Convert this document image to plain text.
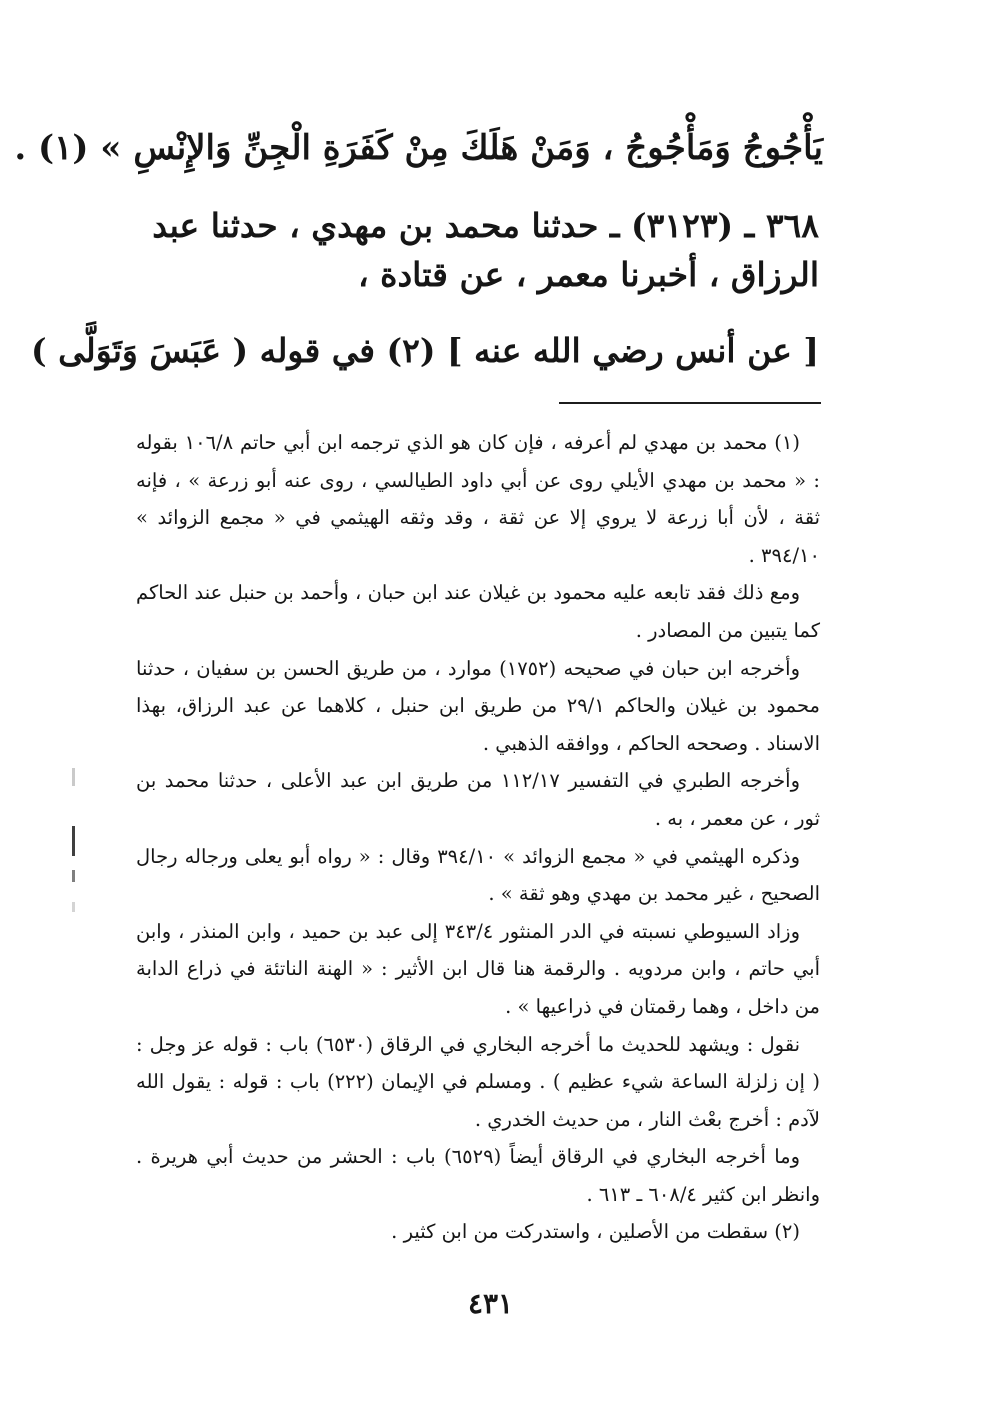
يَأْجُوجُ وَمَأْجُوجُ ، وَمَنْ هَلَكَ مِنْ كَفَرَةِ الْجِنِّ وَالإِنْسِ » (١) .
٣٦٨ ـ (٣١٢٣) ـ حدثنا محمد بن مهدي ، حدثنا عبد
الرزاق ، أخبرنا معمر ، عن قتادة ،
[ عن أنس رضي الله عنه ] (٢) في قوله ( عَبَسَ وَتَوَلَّى )

(١) محمد بن مهدي لم أعرفه ، فإن كان هو الذي ترجمه ابن أبي حاتم ١٠٦/٨ بقوله : « محمد بن مهدي الأيلي روى عن أبي داود الطيالسي ، روى عنه أبو زرعة » ، فإنه ثقة ، لأن أبا زرعة لا يروي إلا عن ثقة ، وقد وثقه الهيثمي في « مجمع الزوائد » ٣٩٤/١٠ .

ومع ذلك فقد تابعه عليه محمود بن غيلان عند ابن حبان ، وأحمد بن حنبل عند الحاكم كما يتبين من المصادر .

وأخرجه ابن حبان في صحيحه (١٧٥٢) موارد ، من طريق الحسن بن سفيان ، حدثنا محمود بن غيلان والحاكم ٢٩/١ من طريق ابن حنبل ، كلاهما عن عبد الرزاق، بهذا الاسناد . وصححه الحاكم ، ووافقه الذهبي .

وأخرجه الطبري في التفسير ١١٢/١٧ من طريق ابن عبد الأعلى ، حدثنا محمد بن ثور ، عن معمر ، به .

وذكره الهيثمي في « مجمع الزوائد » ٣٩٤/١٠ وقال : « رواه أبو يعلى ورجاله رجال الصحيح ، غير محمد بن مهدي وهو ثقة » .

وزاد السيوطي نسبته في الدر المنثور ٣٤٣/٤ إلى عبد بن حميد ، وابن المنذر ، وابن أبي حاتم ، وابن مردويه . والرقمة هنا قال ابن الأثير : « الهنة الناتئة في ذراع الدابة من داخل ، وهما رقمتان في ذراعيها » .

نقول : ويشهد للحديث ما أخرجه البخاري في الرقاق (٦٥٣٠) باب : قوله عز وجل : ( إن زلزلة الساعة شيء عظيم ) . ومسلم في الإيمان (٢٢٢) باب : قوله : يقول الله لآدم : أخرج بعْث النار ، من حديث الخدري .

وما أخرجه البخاري في الرقاق أيضاً (٦٥٢٩) باب : الحشر من حديث أبي هريرة . وانظر ابن كثير ٦٠٨/٤ ـ ٦١٣ .

(٢) سقطت من الأصلين ، واستدركت من ابن كثير .

٤٣١
